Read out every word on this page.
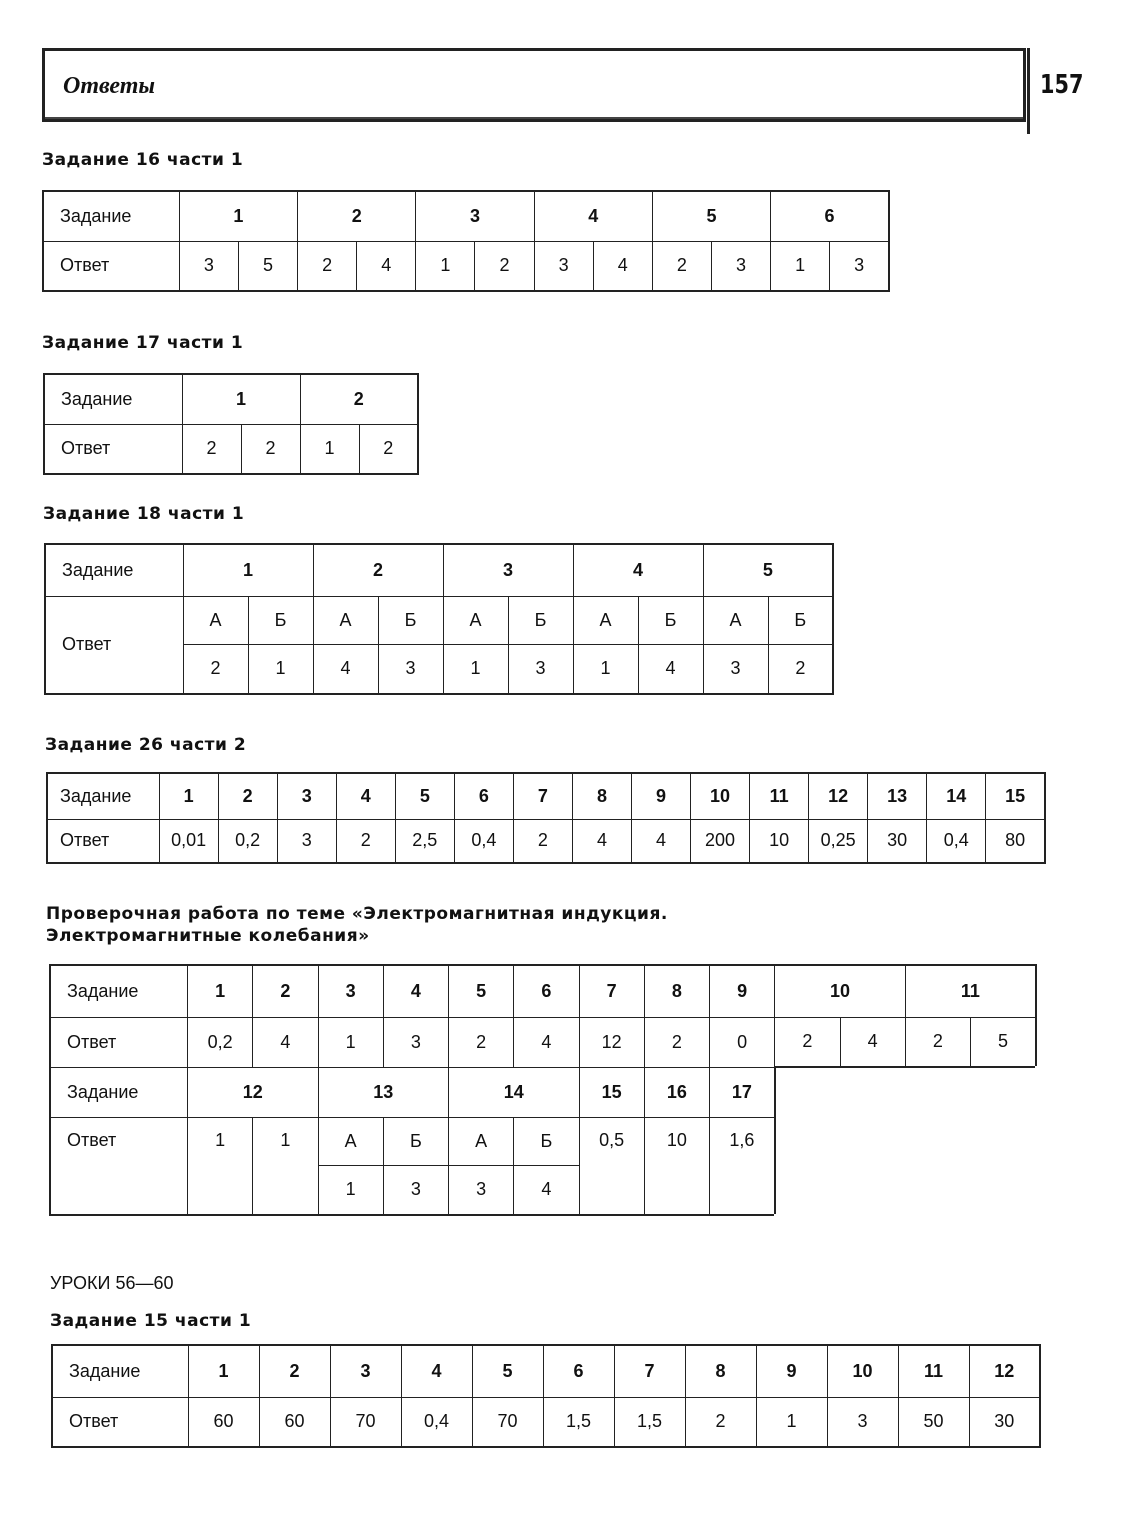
Ответы	157
Задание 16 части 1
Задание	1		2		3		4		5		6	
Ответ	3	5	2	4	1	2	3	4	2	3	1	3
Задание 17 части 1
Задание	1		2	
Ответ	2	2	1	2
Задание 18 части 1
Задание	1		2		3		4		5	
Ответ	А	Б	А	Б	А	Б	А	Б	А	Б
	2	1	4	3	1	3	1	4	3	2
Задание 26 части 2
Задание	1	2	3	4	5	6	7	8	9	10	11	12	13	14	15
Ответ	0,01	0,2	3	2	2,5	0,4	2	4	4	200	10	0,25	30	0,4	80
Проверочная работа по теме «Электромагнитная индукция.
Электромагнитные колебания»
Задание	1	2	3	4	5	6	7	8	9	10		11	
Ответ	0,2	4	1	3	2	4	12	2	0	2	4	2	5
Задание	12		13		14		15	16	17				
Ответ	1	1	А	Б	А	Б	0,5	10	1,6				
			1	3	3	4							
УРОКИ 56—60
Задание 15 части 1
Задание	1	2	3	4	5	6	7	8	9	10	11	12
Ответ	60	60	70	0,4	70	1,5	1,5	2	1	3	50	30
